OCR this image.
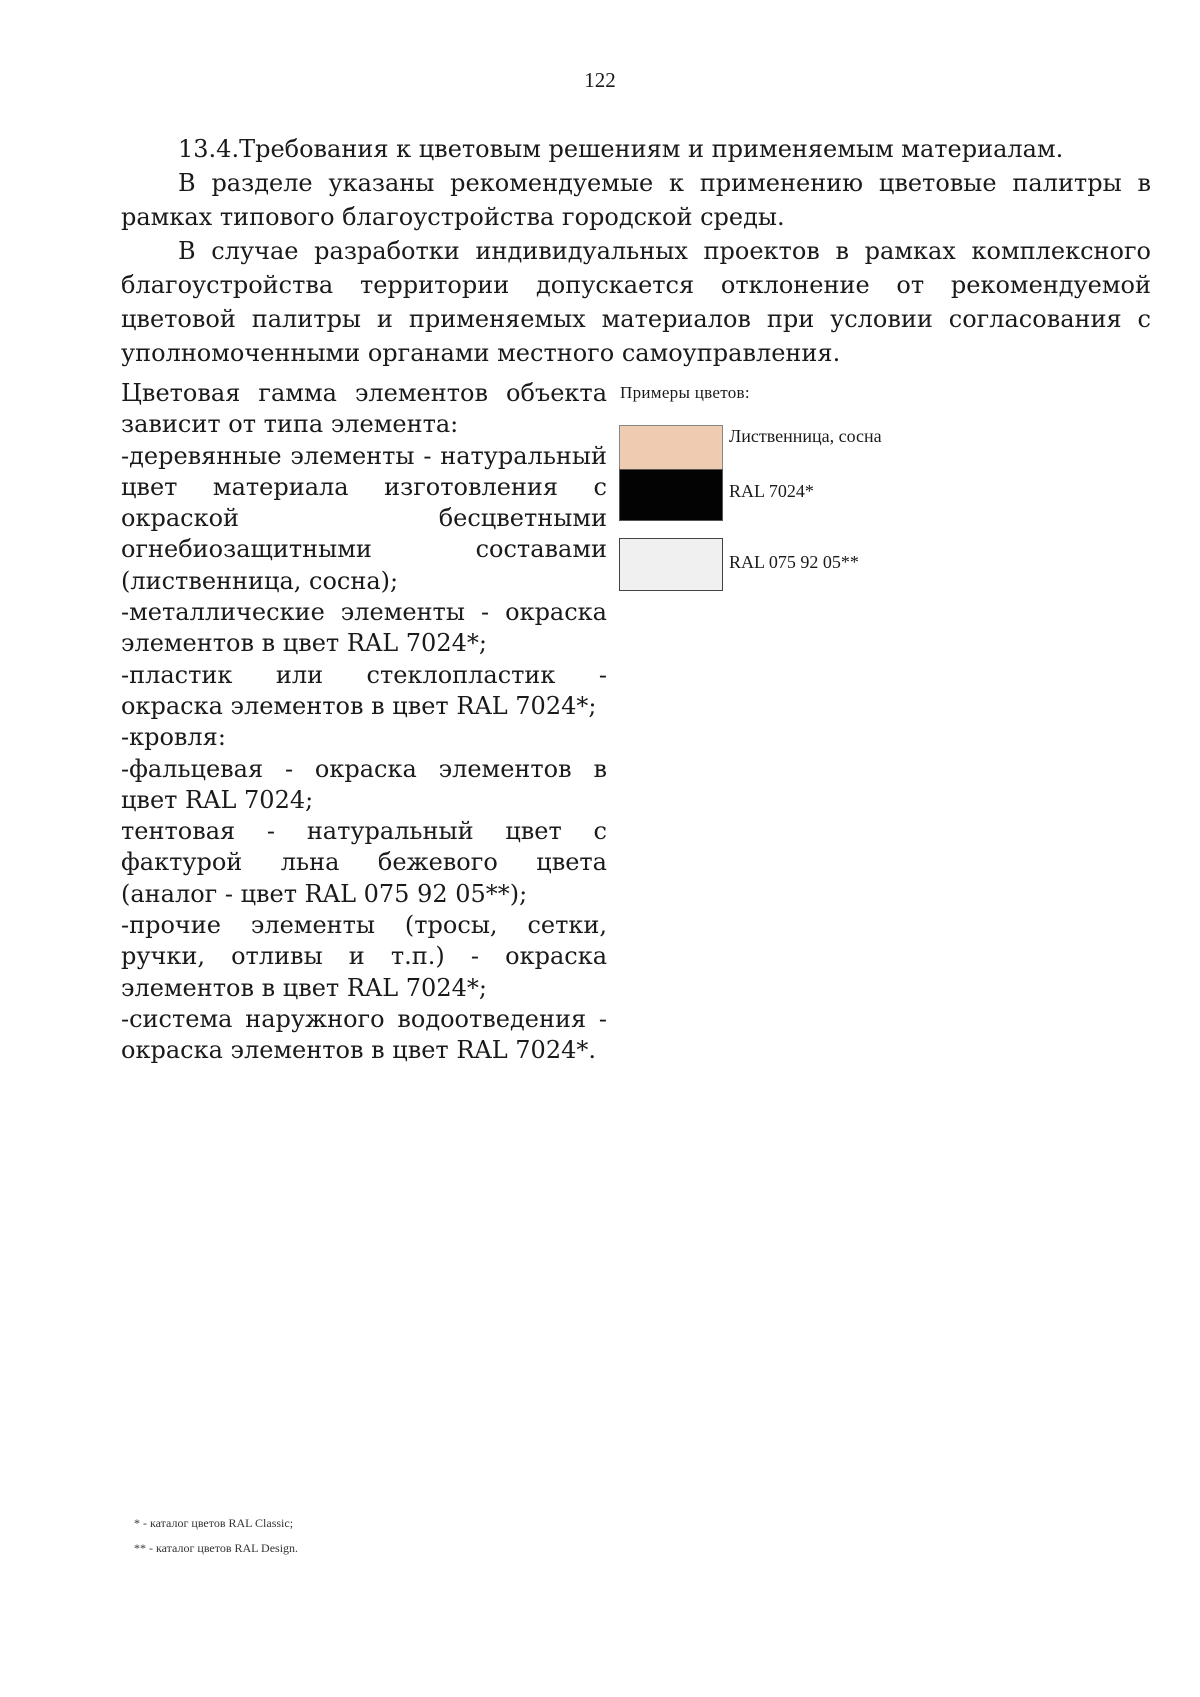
122

13.4.Требования к цветовым решениям и применяемым материалам.

В разделе указаны рекомендуемые к применению цветовые палитры в рамках типового благоустройства городской среды.

В случае разработки индивидуальных проектов в рамках комплексного благоустройства территории допускается отклонение от рекомендуемой цветовой палитры и применяемых материалов при условии согласования с уполномоченными органами местного самоуправления.

Цветовая гамма элементов объекта зависит от типа элемента:

-деревянные элементы - натуральный цвет материала изготовления с окраской бесцветными огнебиозащитными составами (лиственница, сосна);

-металлические элементы - окраска элементов в цвет RAL 7024*;

-пластик или стеклопластик - окраска элементов в цвет RAL 7024*;

-кровля:

-фальцевая - окраска элементов в цвет RAL 7024;

тентовая - натуральный цвет с фактурой льна бежевого цвета (аналог - цвет RAL 075 92 05**);

-прочие элементы (тросы, сетки, ручки, отливы и т.п.) - окраска элементов в цвет RAL 7024*;

-система наружного водоотведения - окраска элементов в цвет RAL 7024*.

Примеры цветов:
Лиственница, сосна
RAL 7024*
RAL 075 92 05**

* - каталог цветов RAL Classic;

** - каталог цветов RAL Design.
